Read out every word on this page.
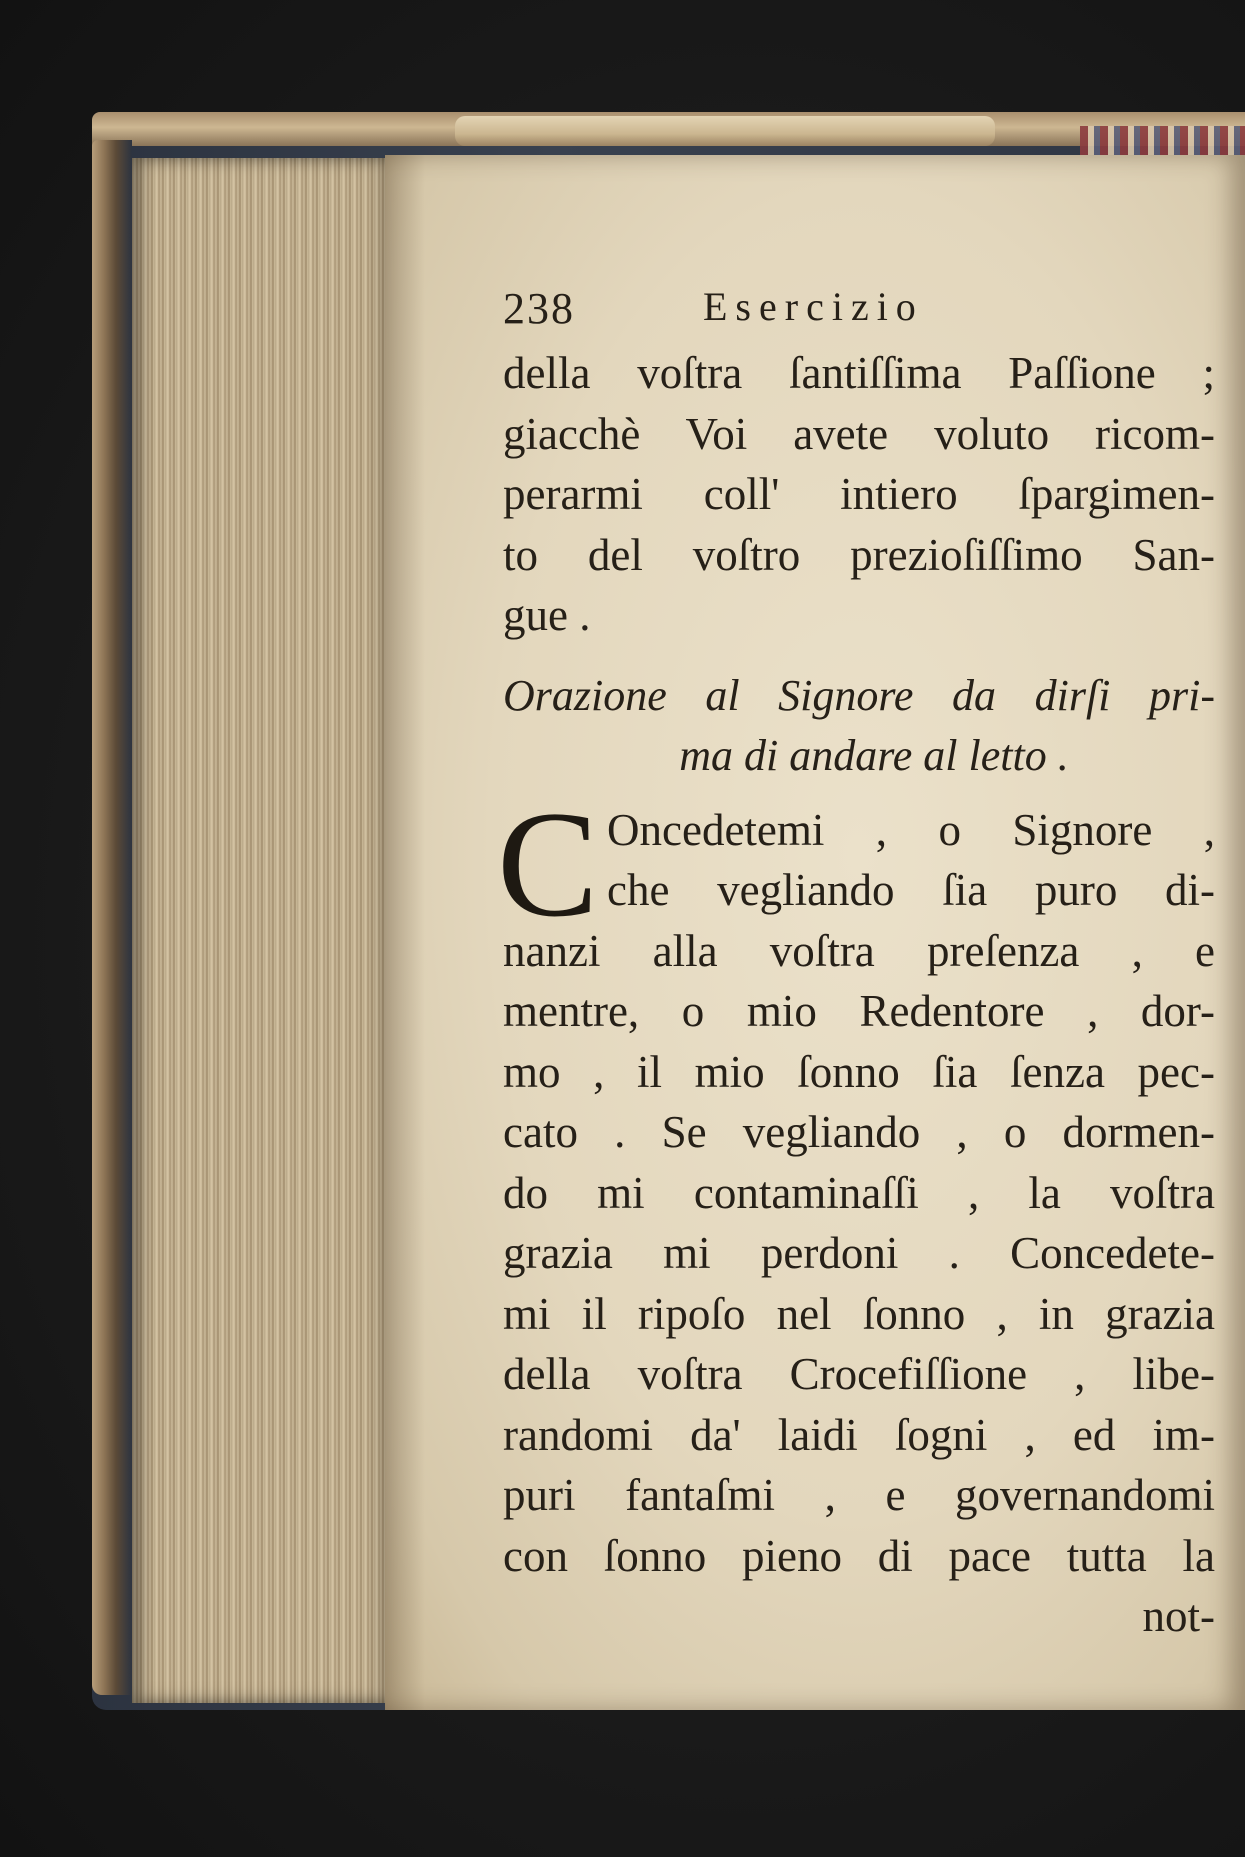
238	Esercizio
della voſtra ſantiſſima Paſſione ;
giacchè Voi avete voluto ricom-
perarmi coll' intiero ſpargimen-
to del voſtro prezioſiſſimo San-
gue .
Orazione al Signore da dirſi pri-
ma di andare al letto .
C Oncedetemi , o Signore ,
che vegliando ſia puro di-
nanzi alla voſtra preſenza , e
mentre, o mio Redentore , dor-
mo , il mio ſonno ſia ſenza pec-
cato . Se vegliando , o dormen-
do mi contaminaſſi , la voſtra
grazia mi perdoni . Concedete-
mi il ripoſo nel ſonno , in grazia
della voſtra Crocefiſſione , libe-
randomi da' laidi ſogni , ed im-
puri fantaſmi , e governandomi
con ſonno pieno di pace tutta la
not-
